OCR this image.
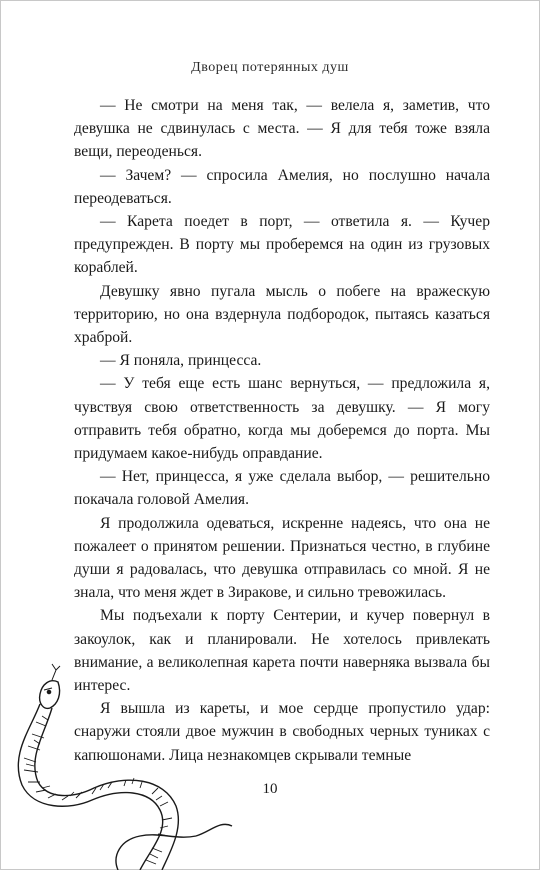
Дворец потерянных душ

— Не смотри на меня так, — велела я, заметив, что девушка не сдвинулась с места. — Я для тебя тоже взяла вещи, переоденься.

— Зачем? — спросила Амелия, но послушно начала переодеваться.

— Карета поедет в порт, — ответила я. — Кучер предупрежден. В порту мы проберемся на один из грузовых кораблей.

Девушку явно пугала мысль о побеге на вражескую территорию, но она вздернула подбородок, пытаясь казаться храброй.

— Я поняла, принцесса.

— У тебя еще есть шанс вернуться, — предложила я, чувствуя свою ответственность за девушку. — Я могу отправить тебя обратно, когда мы доберемся до порта. Мы придумаем какое-нибудь оправдание.

— Нет, принцесса, я уже сделала выбор, — решительно покачала головой Амелия.

Я продолжила одеваться, искренне надеясь, что она не пожалеет о принятом решении. Признаться честно, в глубине души я радовалась, что девушка отправилась со мной. Я не знала, что меня ждет в Зиракове, и сильно тревожилась.

Мы подъехали к порту Сентерии, и кучер повернул в закоулок, как и планировали. Не хотелось привлекать внимание, а великолепная карета почти наверняка вызвала бы интерес.

Я вышла из кареты, и мое сердце пропустило удар: снаружи стояли двое мужчин в свободных черных туниках с капюшонами. Лица незнакомцев скрывали темные

10
